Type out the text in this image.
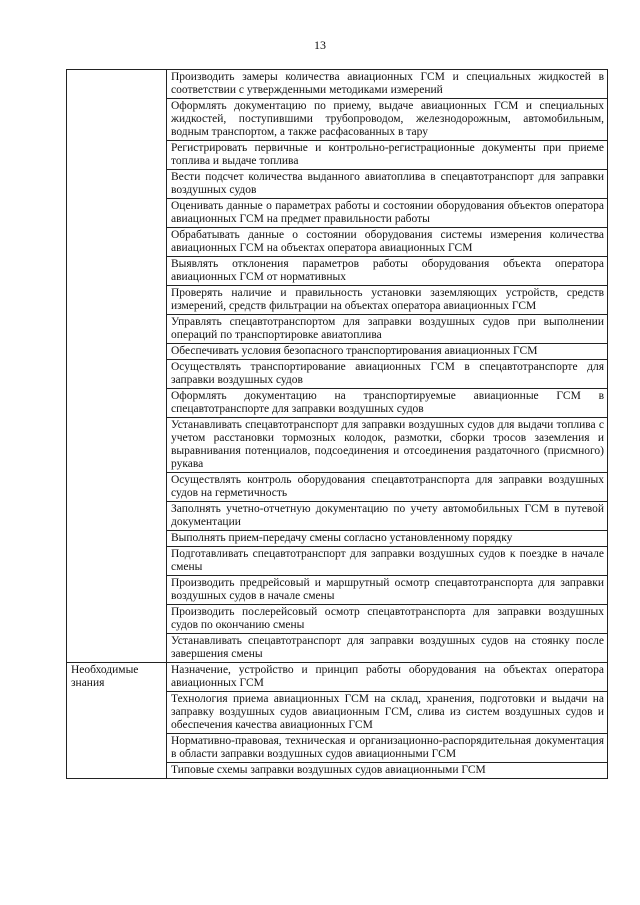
13
	Производить замеры количества авиационных ГСМ и специальных жидкостей в соответствии с утвержденными методиками измерений
	Оформлять документацию по приему, выдаче авиационных ГСМ и специальных жидкостей, поступившими трубопроводом, железнодорожным, автомобильным, водным транспортом, а также расфасованных в тару
	Регистрировать первичные и контрольно-регистрационные документы при приеме топлива и выдаче топлива
	Вести подсчет количества выданного авиатоплива в спецавтотранспорт для заправки воздушных судов
	Оценивать данные о параметрах работы и состоянии оборудования объектов оператора авиационных ГСМ на предмет правильности работы
	Обрабатывать данные о состоянии оборудования системы измерения количества авиационных ГСМ на объектах оператора авиационных ГСМ
	Выявлять отклонения параметров работы оборудования объекта оператора авиационных ГСМ от нормативных
	Проверять наличие и правильность установки заземляющих устройств, средств измерений, средств фильтрации на объектах оператора авиационных ГСМ
	Управлять спецавтотранспортом для заправки воздушных судов при выполнении операций по транспортировке авиатоплива
	Обеспечивать условия безопасного транспортирования авиационных ГСМ
	Осуществлять транспортирование авиационных ГСМ в спецавтотранспорте для заправки воздушных судов
	Оформлять документацию на транспортируемые авиационные ГСМ в спецавтотранспорте для заправки воздушных судов
	Устанавливать спецавтотранспорт для заправки воздушных судов для выдачи топлива с учетом расстановки тормозных колодок, размотки, сборки тросов заземления и выравнивания потенциалов, подсоединения и отсоединения раздаточного (присмного) рукава
	Осуществлять контроль оборудования спецавтотранспорта для заправки воздушных судов на герметичность
	Заполнять учетно-отчетную документацию по учету автомобильных ГСМ в путевой документации
	Выполнять прием-передачу смены согласно установленному порядку
	Подготавливать спецавтотранспорт для заправки воздушных судов к поездке в начале смены
	Производить предрейсовый и маршрутный осмотр спецавтотранспорта для заправки воздушных судов в начале смены
	Производить послерейсовый осмотр спецавтотранспорта для заправки воздушных судов по окончанию смены
	Устанавливать спецавтотранспорт для заправки воздушных судов на стоянку после завершения смены
Необходимые знания	Назначение, устройство и принцип работы оборудования на объектах оператора авиационных ГСМ
	Технология приема авиационных ГСМ на склад, хранения, подготовки и выдачи на заправку воздушных судов авиационным ГСМ, слива из систем воздушных судов и обеспечения качества авиационных ГСМ
	Нормативно-правовая, техническая и организационно-распорядительная документация в области заправки воздушных судов авиационными ГСМ
	Типовые схемы заправки воздушных судов авиационными ГСМ
